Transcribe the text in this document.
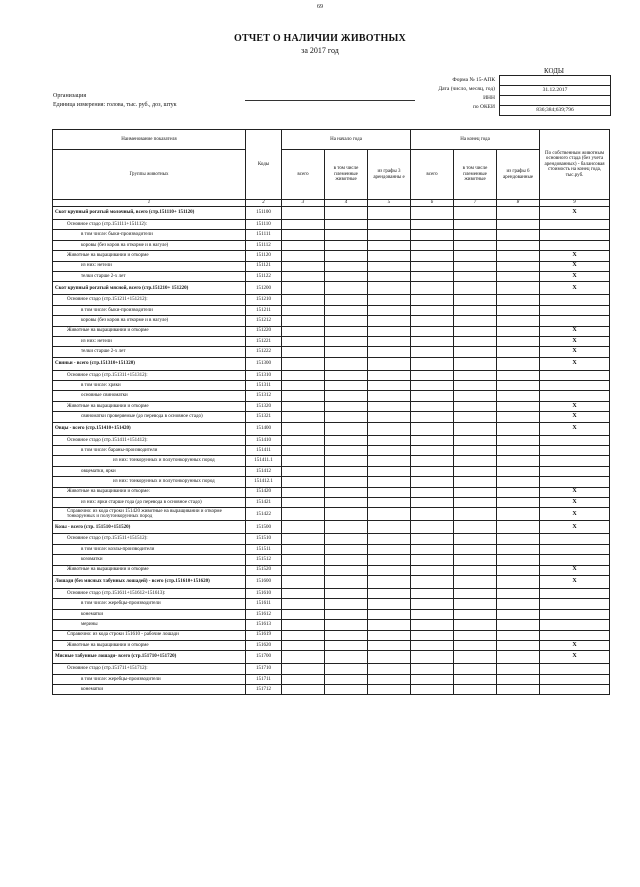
69
ОТЧЕТ О НАЛИЧИИ ЖИВОТНЫХ
за 2017 год
КОДЫ
Форма № 15-АПК
Дата (число, месяц, год)
ИНН
по ОКЕИ
31.12.2017
836;384;639;796
Организация
Единица измерения: голова, тыс. руб., доз, штук
Наименование показателя	Коды	На начало года			На конец года			По собственным животным основного стада (без учета арендованных) - балансовая стоимость на конец года, тыс.руб.
Группы животных		всего	в том числе племенные животные	из графы 3 арендованны е	всего	в том числе племенные животные	из графы 6 арендованные	
1	2	3	4	5	6	7	8	9
Скот крупный рогатый молочный, всего (стр.151110+ 151120)	151100							X
Основное стадо (стр.151111+151112):	151110							
в том числе: быки-производители	151111							
коровы (без коров на откорме и в нагуле)	151112							
Животные на выращивании и откорме	151120							X
из них: нетели	151121							X
телки старше 2-х лет	151122							X
Скот крупный рогатый мясной, всего (стр.151210+ 151220)	151200							X
Основное стадо (стр.151211+151212):	151210							
в том числе: быки-производители	151211							
коровы (без коров на откорме и в нагуле)	151212							
Животные на выращивании и откорме	151220							X
из них: нетели	151221							X
телки старше 2-х лет	151222							X
Свиньи - всего (стр.151310+151320)	151300							X
Основное стадо (стр.151311+151312):	151310							
в том числе: хряки	151311							
основные свиноматки	151312							
Животные на выращивании и откорме	151320							X
свиноматки проверяемые (до перевода в основное стадо)	151321							X
Овцы - всего (стр.151410+151420)	151400							X
Основное стадо (стр.151411+151412):	151410							
в том числе: бараны-производители	151411							
из них: тонкорунных и полутонкорунных пород	151411.1							
овцематки, ярки	151412							
из них: тонкорунных и полутонкорунных пород	151412.1							
Животные на выращивании и откорме:	151420							X
из них: ярки старше года (до перевода в основное стадо)	151421							X
Справочно: из кода строки 151420 животные на выращивании и откорме тонкорунных и полутонкорунных пород	151422							X
Козы - всего (стр. 151510+151520)	151500							X
Основное стадо (стр.151511+151512):	151510							
в том числе: козлы-производители	151511							
козоматки	151512							
Животные на выращивании и откорме	151520							X
Лошади (без мясных табунных лошадей) - всего (стр.151610+151620)	151600							X
Основное стадо (стр.151611+151612+151613):	151610							
в том числе: жеребцы-производители	151611							
конематки	151612							
мерины	151613							
Справочно: из кода строки 151610 - рабочие лошади	151619							
Животные на выращивании и откорме	151620							X
Мясные табунные лошади- всего (стр.151710+151720)	151700							X
Основное стадо (стр.151711+151712):	151710							
в том числе: жеребцы-производители	151711							
конематки	151712							
